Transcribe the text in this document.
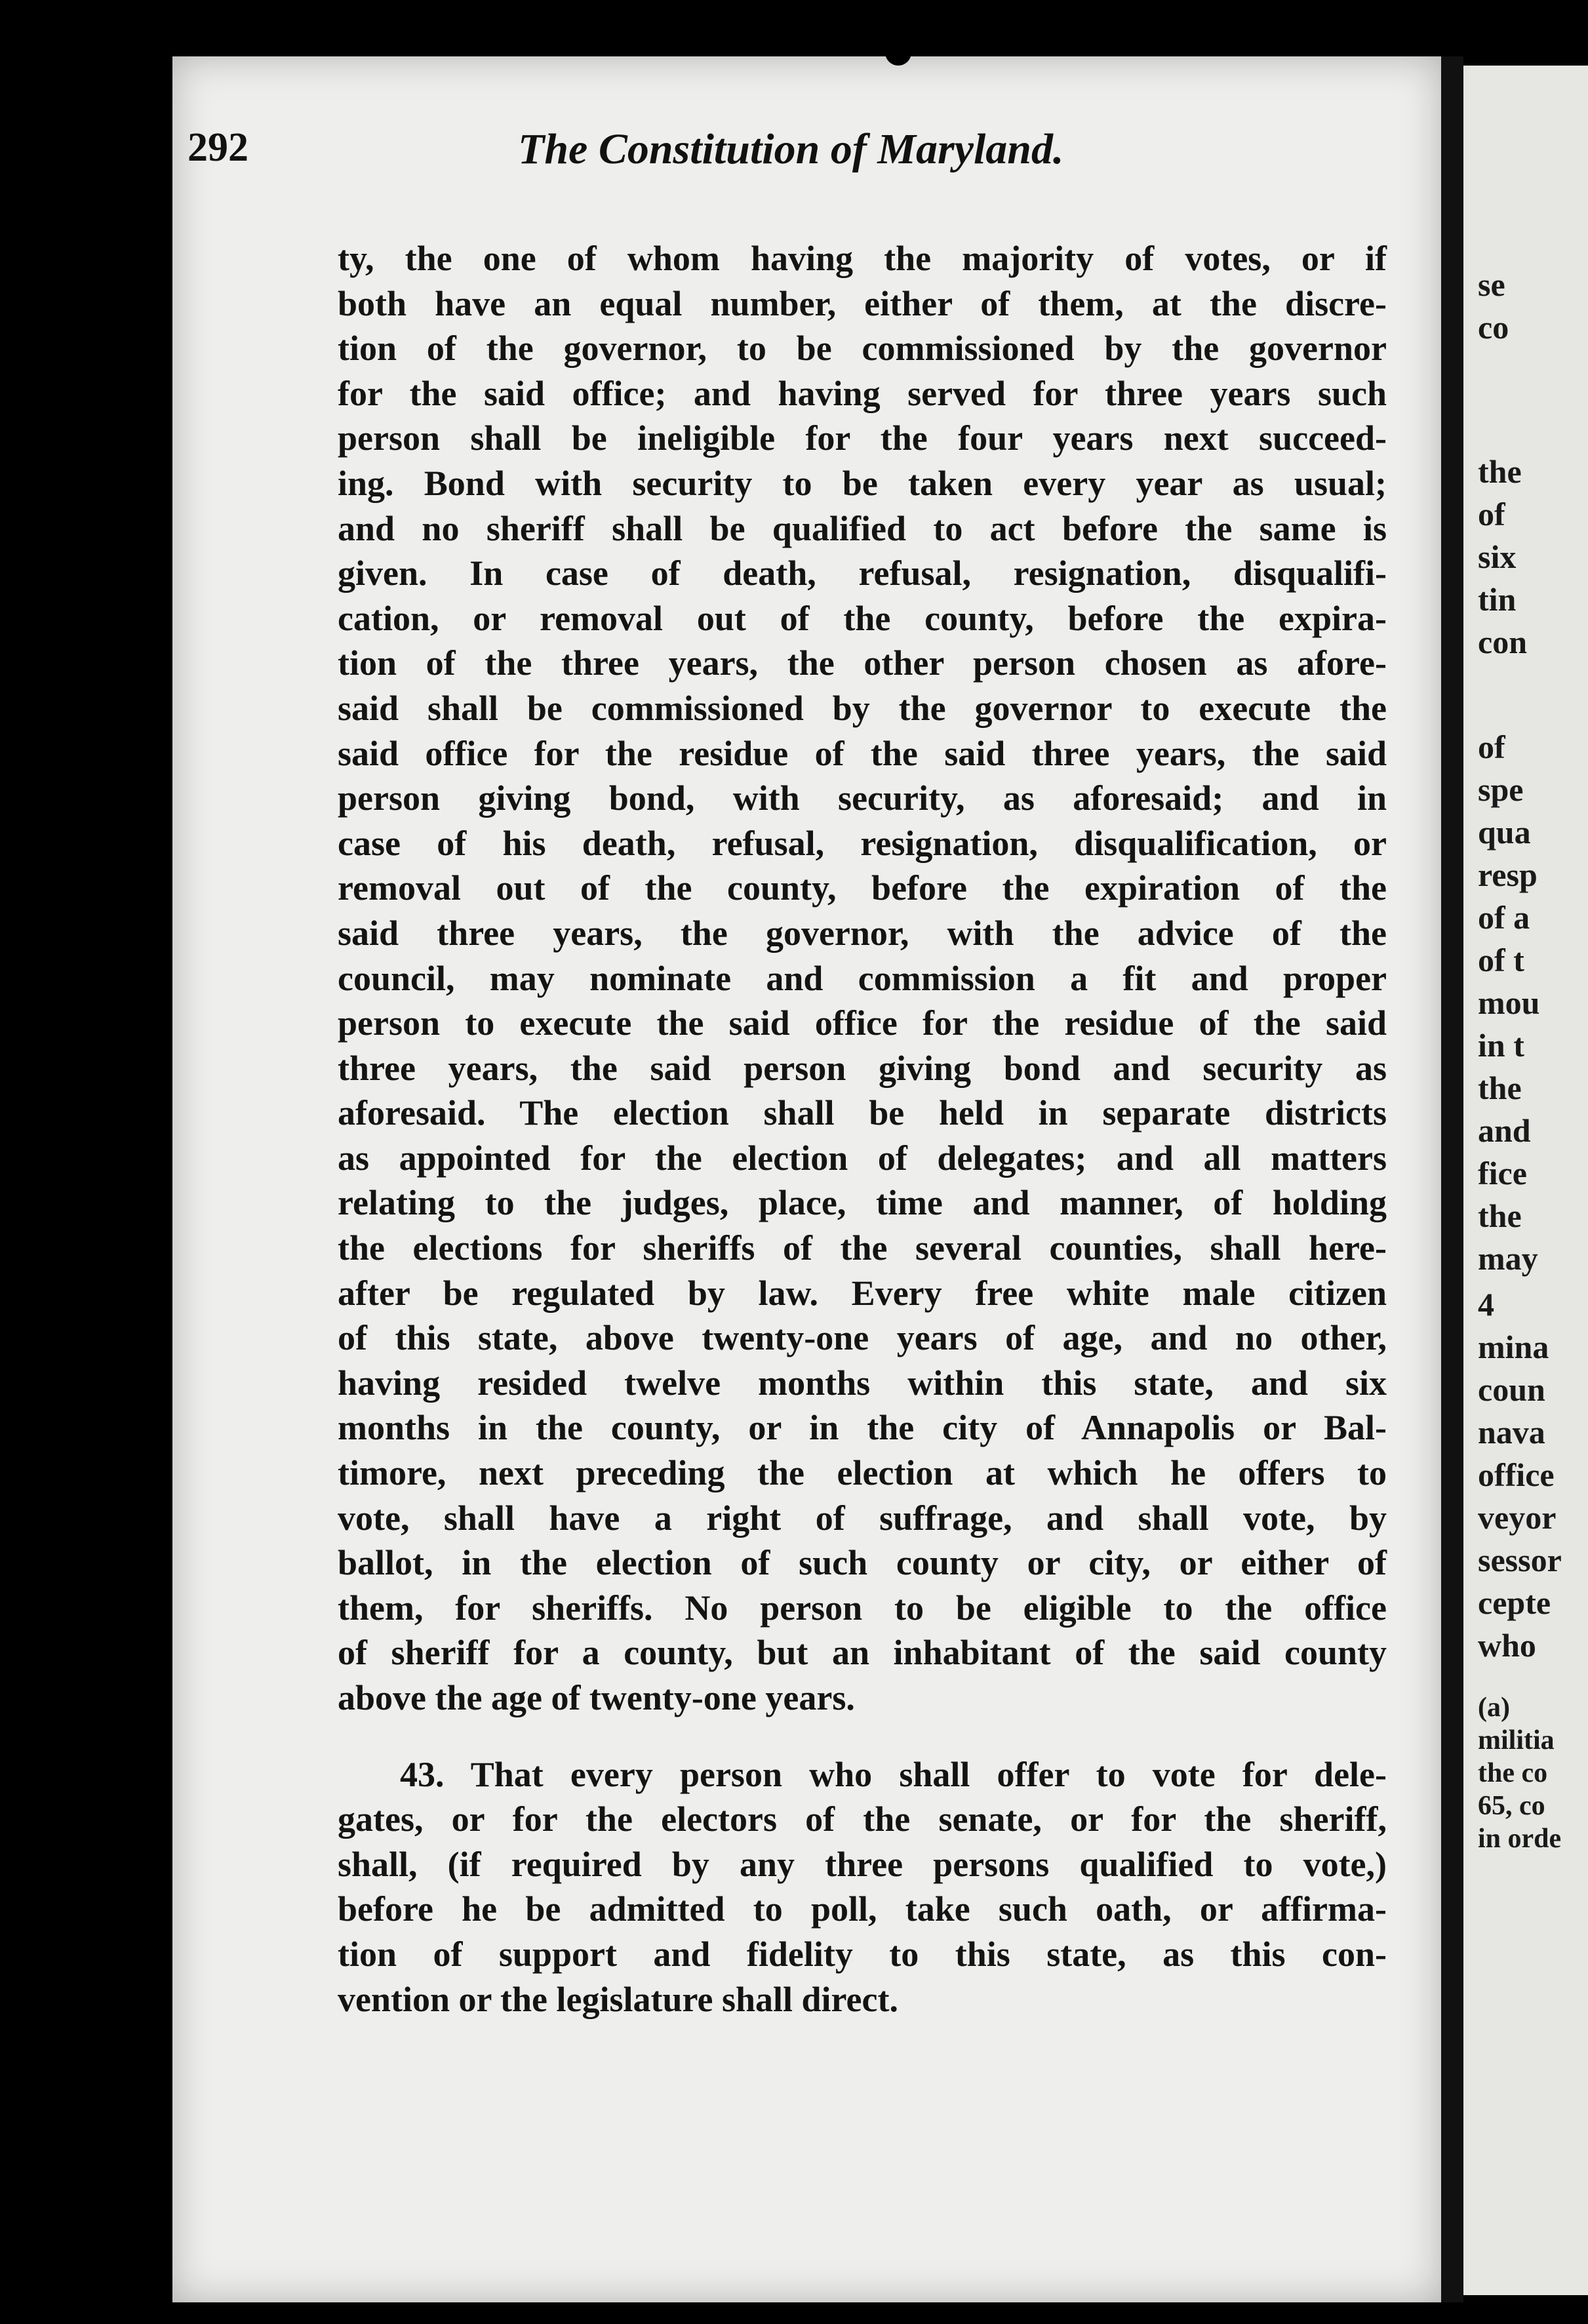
292	The Constitution of Maryland.
ty, the one of whom having the majority of votes, or if
both have an equal number, either of them, at the discre-
tion of the governor, to be commissioned by the governor
for the said office; and having served for three years such
person shall be ineligible for the four years next succeed-
ing. Bond with security to be taken every year as usual;
and no sheriff shall be qualified to act before the same is
given. In case of death, refusal, resignation, disqualifi-
cation, or removal out of the county, before the expira-
tion of the three years, the other person chosen as afore-
said shall be commissioned by the governor to execute the
said office for the residue of the said three years, the said
person giving bond, with security, as aforesaid; and in
case of his death, refusal, resignation, disqualification, or
removal out of the county, before the expiration of the
said three years, the governor, with the advice of the
council, may nominate and commission a fit and proper
person to execute the said office for the residue of the said
three years, the said person giving bond and security as
aforesaid. The election shall be held in separate districts
as appointed for the election of delegates; and all matters
relating to the judges, place, time and manner, of holding
the elections for sheriffs of the several counties, shall here-
after be regulated by law. Every free white male citizen
of this state, above twenty-one years of age, and no other,
having resided twelve months within this state, and six
months in the county, or in the city of Annapolis or Bal-
timore, next preceding the election at which he offers to
vote, shall have a right of suffrage, and shall vote, by
ballot, in the election of such county or city, or either of
them, for sheriffs. No person to be eligible to the office
of sheriff for a county, but an inhabitant of the said county
above the age of twenty-one years.
43. That every person who shall offer to vote for dele-
gates, or for the electors of the senate, or for the sheriff,
shall, (if required by any three persons qualified to vote,)
before he be admitted to poll, take such oath, or affirma-
tion of support and fidelity to this state, as this con-
vention or the legislature shall direct.
se
co
the
of
six
tin
con
of
spe
qua
resp
of a
of t
mou
in t
the
and
fice
the
may
4
mina
coun
nava
office
veyor
sessor
cepte
who
(a)
militia
the co
65, co
in orde
